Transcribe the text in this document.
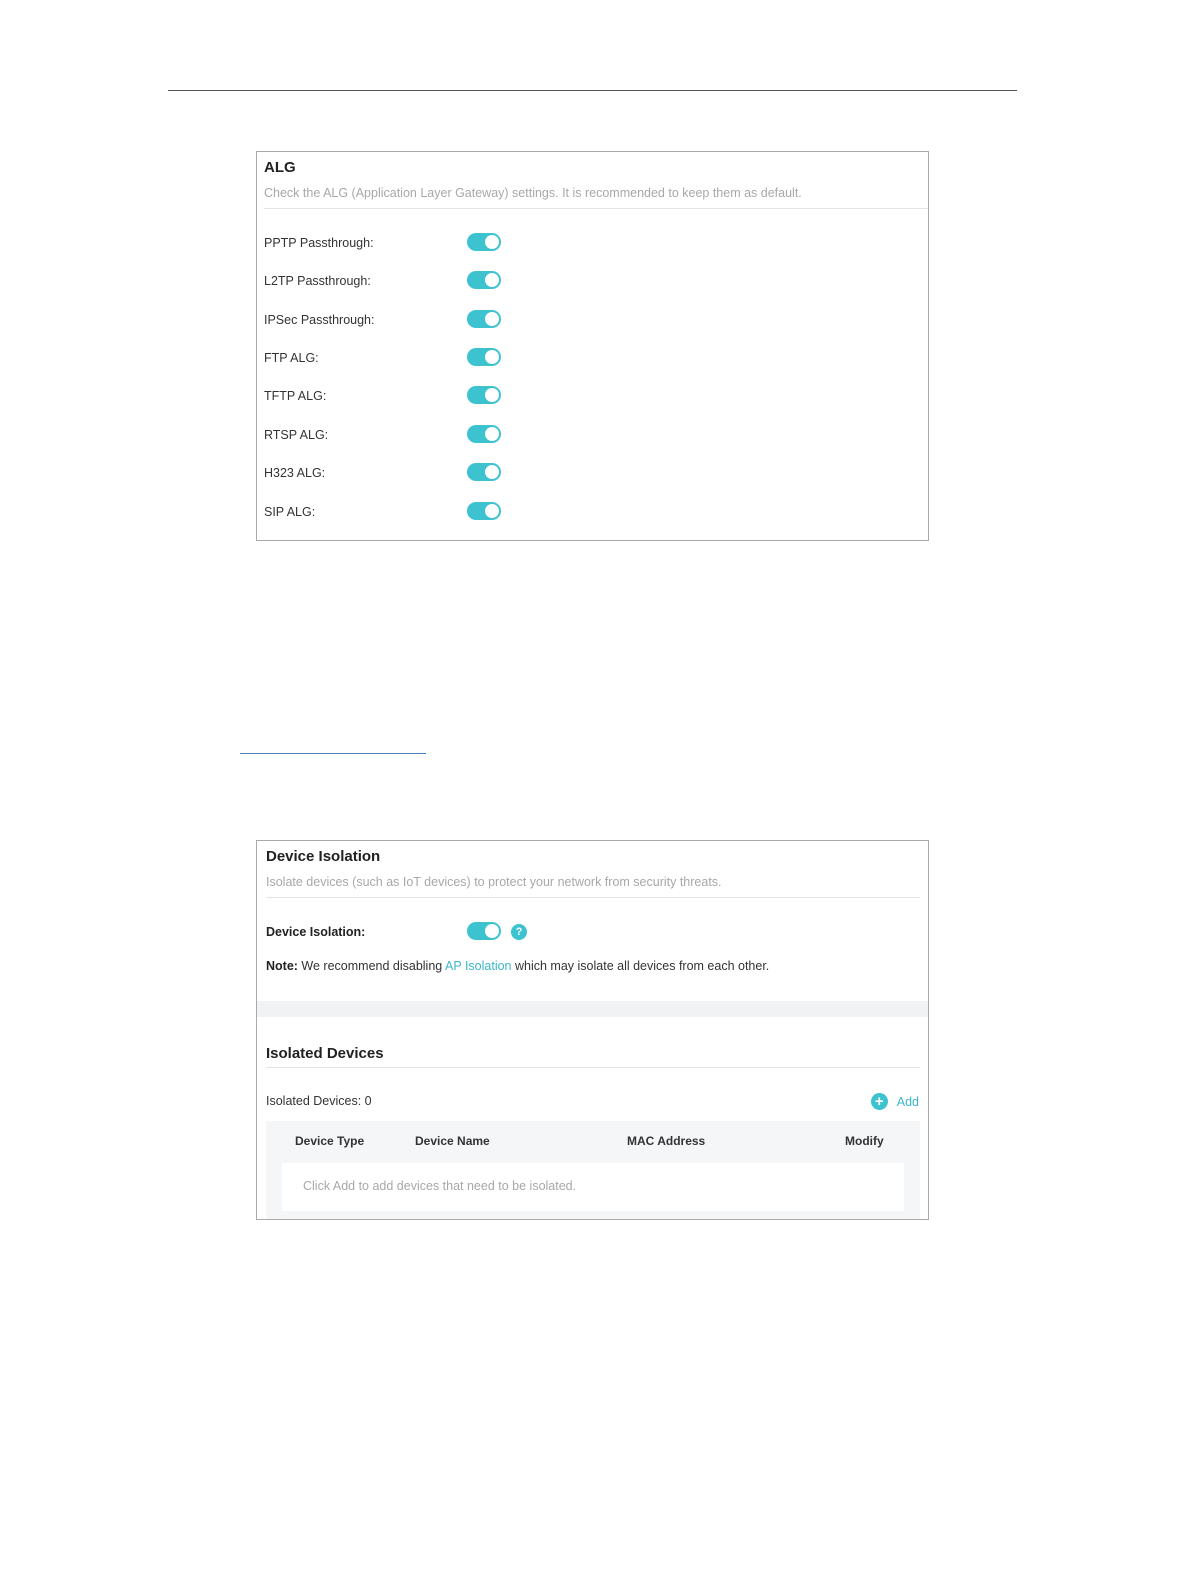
ALG
Check the ALG (Application Layer Gateway) settings. It is recommended to keep them as default.
PPTP Passthrough:
L2TP Passthrough:
IPSec Passthrough:
FTP ALG:
TFTP ALG:
RTSP ALG:
H323 ALG:
SIP ALG:
Device Isolation
Isolate devices (such as IoT devices) to protect your network from security threats.
Device Isolation:	?
Note: We recommend disabling AP Isolation which may isolate all devices from each other.
Isolated Devices
Isolated Devices: 0	+	Add
Device Type	Device Name	MAC Address	Modify
Click Add to add devices that need to be isolated.
